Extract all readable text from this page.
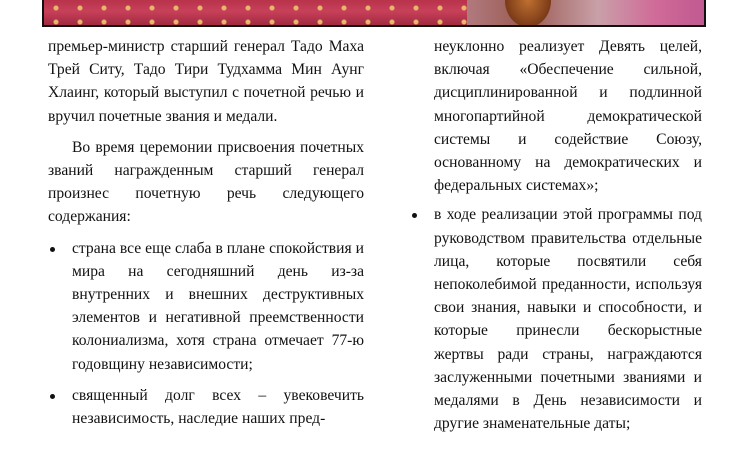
премьер-министр старший генерал Тадо Маха Трей Ситу, Тадо Тири Тудхамма Мин Аунг Хлаинг, который выступил с почетной речью и вручил почетные звания и медали.

Во время церемонии присвоения почетных званий награжденным старший генерал произнес почетную речь следующего содержания:

страна все еще слаба в плане спокойствия и мира на сегодняшний день из-за внутренних и внешних деструктивных элементов и негативной преемственности колониализма, хотя страна отмечает 77-ю годовщину независимости;
священный долг всех – увековечить независимость, наследие наших пред-

неуклонно реализует Девять целей, включая «Обеспечение сильной, дисциплинированной и подлинной многопартийной демократической системы и содействие Союзу, основанному на демократических и федеральных системах»;

в ходе реализации этой программы под руководством правительства отдельные лица, которые посвятили себя непоколебимой преданности, используя свои знания, навыки и способности, и которые принесли бескорыстные жертвы ради страны, награждаются заслуженными почетными званиями и медалями в День независимости и другие знаменательные даты;
